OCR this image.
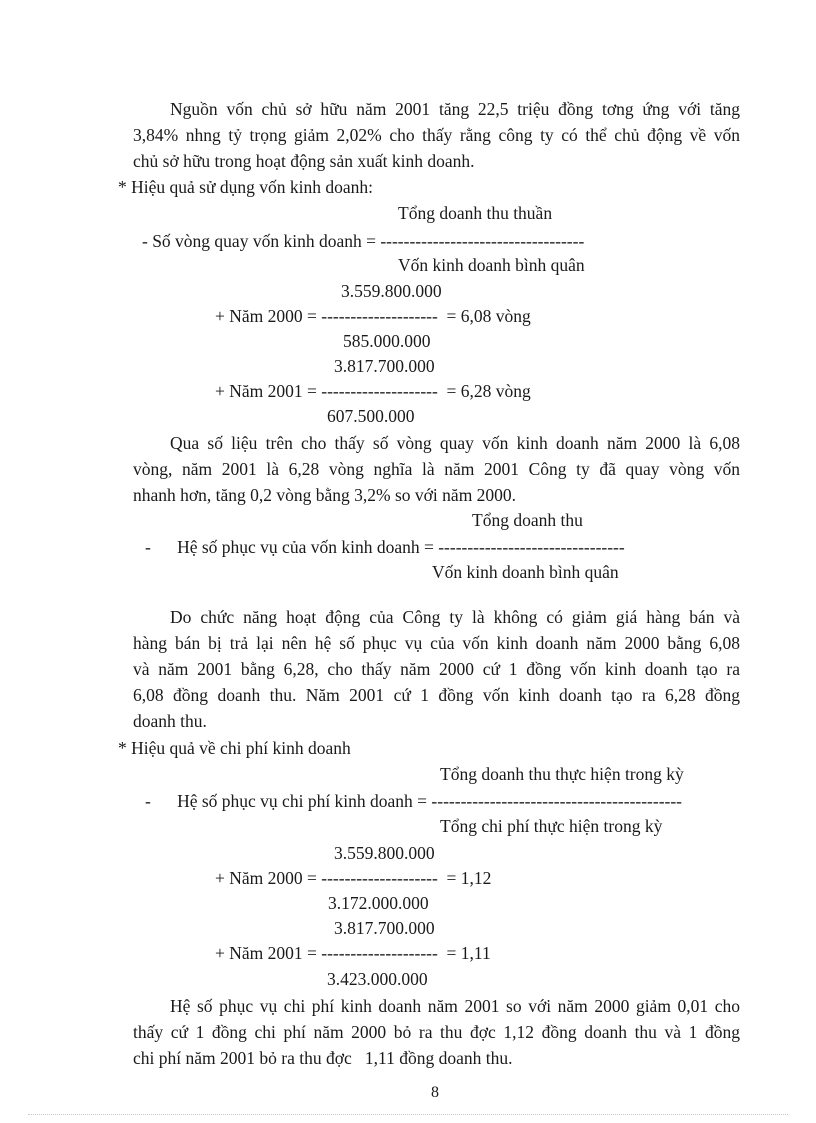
Nguồn vốn chủ sở hữu năm 2001 tăng 22,5 triệu đồng tơng ứng với tăng
3,84% nhng tỷ trọng giảm 2,02% cho thấy rằng công ty có thể chủ động về vốn
chủ sở hữu trong hoạt động sản xuất kinh doanh.
* Hiệu quả sử dụng vốn kinh doanh:
Tổng doanh thu thuần
- Số vòng quay vốn kinh doanh = -----------------------------------
Vốn kinh doanh bình quân
3.559.800.000
+ Năm 2000 = --------------------  = 6,08 vòng
585.000.000
3.817.700.000
+ Năm 2001 = --------------------  = 6,28 vòng
607.500.000
Qua số liệu trên cho thấy số vòng quay vốn kinh doanh năm 2000 là 6,08
vòng, năm 2001 là 6,28 vòng nghĩa là năm 2001 Công ty đã quay vòng vốn
nhanh hơn, tăng 0,2 vòng bằng 3,2% so với năm 2000.
Tổng doanh thu
-      Hệ số phục vụ của vốn kinh doanh = --------------------------------
Vốn kinh doanh bình quân
Do chức năng hoạt động của Công ty là không có giảm giá hàng bán và
hàng bán bị trả lại nên hệ số phục vụ của vốn kinh doanh năm 2000 bằng 6,08
và năm 2001 bằng 6,28, cho thấy năm 2000 cứ 1 đồng vốn kinh doanh tạo ra
6,08 đồng doanh thu. Năm 2001 cứ 1 đồng vốn kinh doanh tạo ra 6,28 đồng
doanh thu.
* Hiệu quả về chi phí kinh doanh
Tổng doanh thu thực hiện trong kỳ
-      Hệ số phục vụ chi phí kinh doanh = -------------------------------------------
Tổng chi phí thực hiện trong kỳ
3.559.800.000
+ Năm 2000 = --------------------  = 1,12
3.172.000.000
3.817.700.000
+ Năm 2001 = --------------------  = 1,11
3.423.000.000
Hệ số phục vụ chi phí kinh doanh năm 2001 so với năm 2000 giảm 0,01 cho
thấy cứ 1 đồng chi phí năm 2000 bỏ ra thu đợc 1,12 đồng doanh thu và 1 đồng
chi phí năm 2001 bỏ ra thu đợc   1,11 đồng doanh thu.
8
